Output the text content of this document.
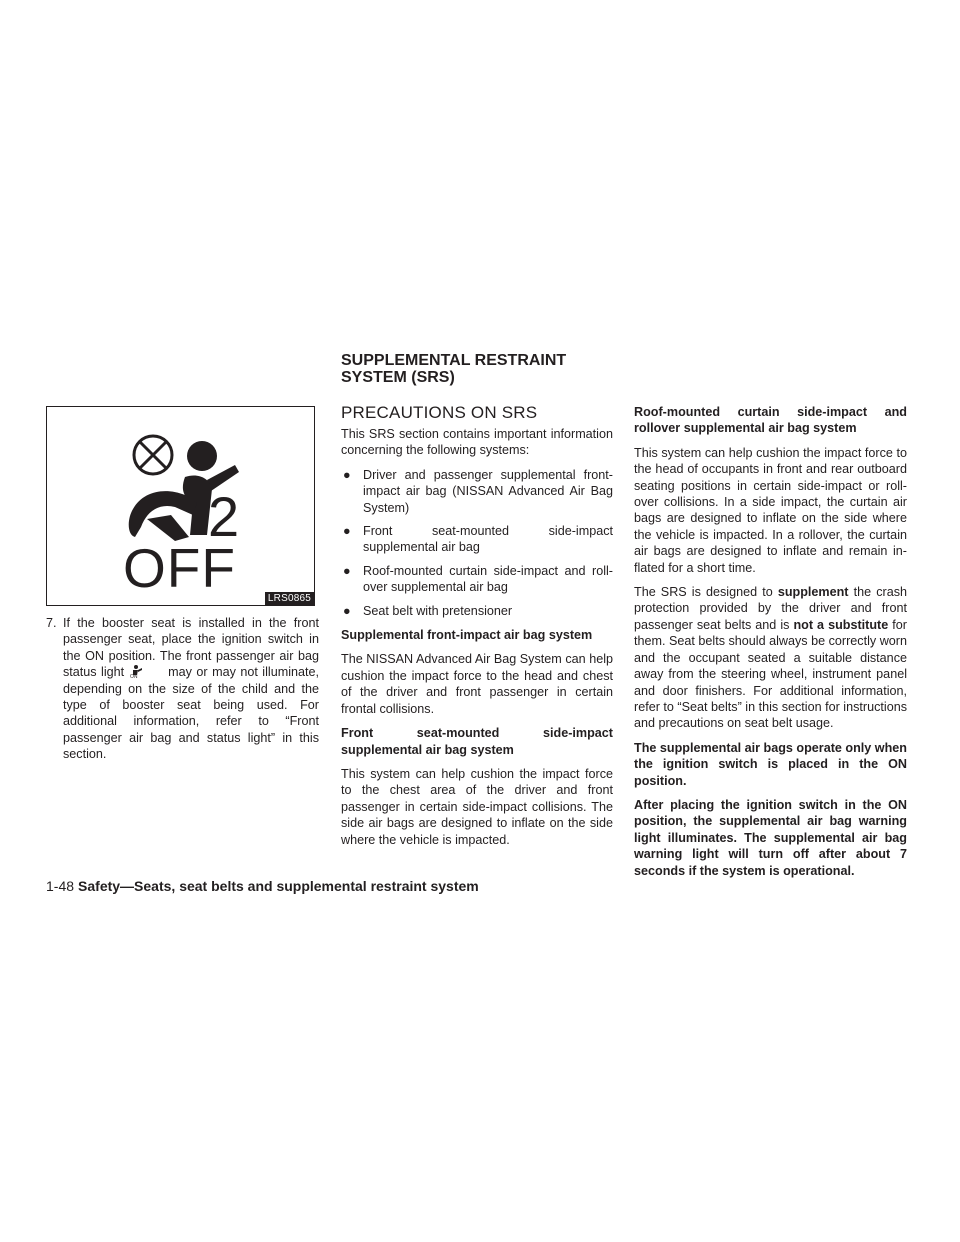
2
OFF	LRS0865
7. If the booster seat is installed in the front passenger seat, place the ignition switch in the ON position. The front passenger air bag status light ON may or may not illuminate, depending on the size of the child and the type of booster seat being used. For additional information, refer to “Front passenger air bag and status light” in this section.

SUPPLEMENTAL RESTRAINT
SYSTEM (SRS)
PRECAUTIONS ON SRS

This SRS section contains important information concerning the following systems:

● Driver and passenger supplemental front-impact air bag (NISSAN Advanced Air Bag System)
● Front seat-mounted side-impact supplemental air bag
● Roof-mounted curtain side-impact and roll-over supplemental air bag
● Seat belt with pretensioner

Supplemental front-impact air bag system

The NISSAN Advanced Air Bag System can help cushion the impact force to the head and chest of the driver and front passenger in certain frontal collisions.

Front seat-mounted side-impact supplemental air bag system

This system can help cushion the impact force to the chest area of the driver and front passenger in certain side-impact collisions. The side air bags are designed to inflate on the side where the vehicle is impacted.

Roof-mounted curtain side-impact and rollover supplemental air bag system

This system can help cushion the impact force to the head of occupants in front and rear outboard seating positions in certain side-impact or roll-over collisions. In a side impact, the curtain air bags are designed to inflate on the side where the vehicle is impacted. In a rollover, the curtain air bags are designed to inflate and remain in-flated for a short time.

The SRS is designed to supplement the crash protection provided by the driver and front passenger seat belts and is not a substitute for them. Seat belts should always be correctly worn and the occupant seated a suitable distance away from the steering wheel, instrument panel and door finishers. For additional information, refer to “Seat belts” in this section for instructions and precautions on seat belt usage.

The supplemental air bags operate only when the ignition switch is placed in the ON position.

After placing the ignition switch in the ON position, the supplemental air bag warning light illuminates. The supplemental air bag warning light will turn off after about 7 seconds if the system is operational.

1-48 Safety—Seats, seat belts and supplemental restraint system
